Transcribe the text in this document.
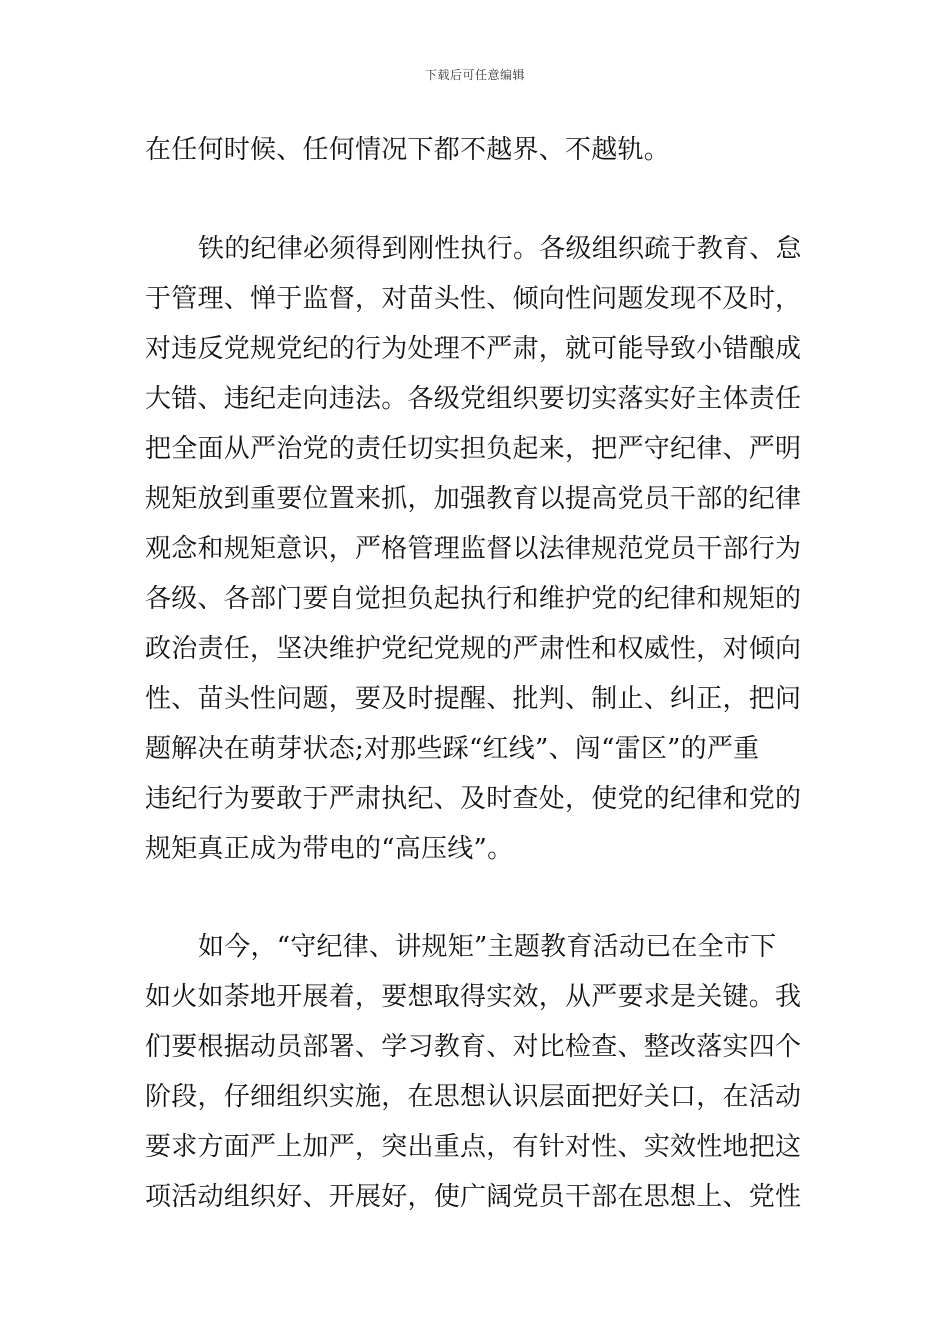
下载后可任意编辑
在任何时候、任何情况下都不越界、不越轨。
铁的纪律必须得到刚性执行。各级组织疏于教育、怠
于管理、惮于监督，对苗头性、倾向性问题发现不及时，
对违反党规党纪的行为处理不严肃，就可能导致小错酿成
大错、违纪走向违法。各级党组织要切实落实好主体责任
把全面从严治党的责任切实担负起来，把严守纪律、严明
规矩放到重要位置来抓，加强教育以提高党员干部的纪律
观念和规矩意识，严格管理监督以法律规范党员干部行为
各级、各部门要自觉担负起执行和维护党的纪律和规矩的
政治责任，坚决维护党纪党规的严肃性和权威性，对倾向
性、苗头性问题，要及时提醒、批判、制止、纠正，把问
题解决在萌芽状态;对那些踩“红线”、闯“雷区”的严重
违纪行为要敢于严肃执纪、及时查处，使党的纪律和党的
规矩真正成为带电的“高压线”。
如今，“守纪律、讲规矩”主题教育活动已在全市下
如火如荼地开展着，要想取得实效，从严要求是关键。我
们要根据动员部署、学习教育、对比检查、整改落实四个
阶段，仔细组织实施，在思想认识层面把好关口，在活动
要求方面严上加严，突出重点，有针对性、实效性地把这
项活动组织好、开展好，使广阔党员干部在思想上、党性
